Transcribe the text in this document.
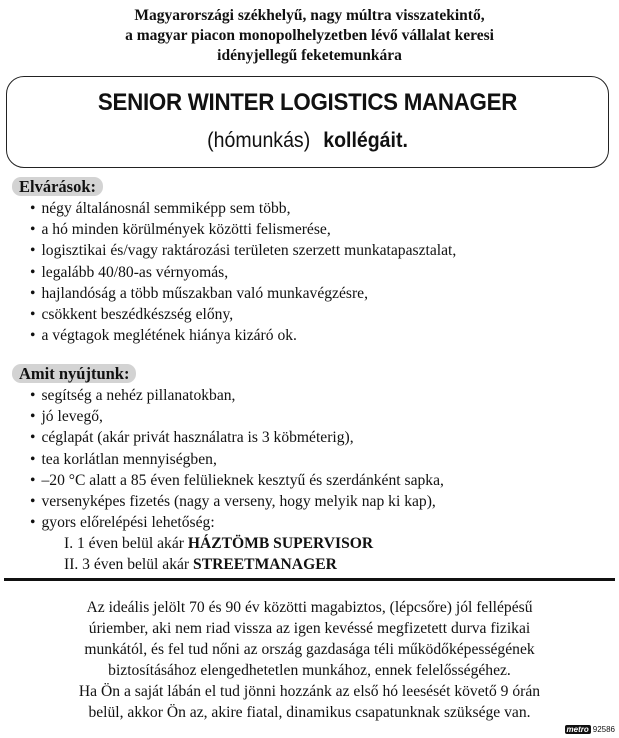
Magyarországi székhelyű, nagy múltra visszatekintő,
a magyar piacon monopolhelyzetben lévő vállalat keresi
idényjellegű feketemunkára
SENIOR WINTER LOGISTICS MANAGER
(hómunkás) kollégáit.
Elvárások:
• négy általánosnál semmiképp sem több,
• a hó minden körülmények közötti felismerése,
• logisztikai és/vagy raktározási területen szerzett munkatapasztalat,
• legalább 40/80-as vérnyomás,
• hajlandóság a több műszakban való munkavégzésre,
• csökkent beszédkészség előny,
• a végtagok meglétének hiánya kizáró ok.
Amit nyújtunk:
• segítség a nehéz pillanatokban,
• jó levegő,
• céglapát (akár privát használatra is 3 köbméterig),
• tea korlátlan mennyiségben,
• –20 °C alatt a 85 éven felülieknek kesztyű és szerdánként sapka,
• versenyképes fizetés (nagy a verseny, hogy melyik nap ki kap),
• gyors előrelépési lehetőség:
I. 1 éven belül akár HÁZTÖMB SUPERVISOR
II. 3 éven belül akár STREETMANAGER
Az ideális jelölt 70 és 90 év közötti magabiztos, (lépcsőre) jól fellépésű
úriember, aki nem riad vissza az igen kevéssé megfizetett durva fizikai
munkától, és fel tud nőni az ország gazdasága téli működőképességének
biztosításához elengedhetetlen munkához, ennek felelősségéhez.
Ha Ön a saját lábán el tud jönni hozzánk az első hó leesését követő 9 órán
belül, akkor Ön az, akire fiatal, dinamikus csapatunknak szüksége van.
metro 92586
